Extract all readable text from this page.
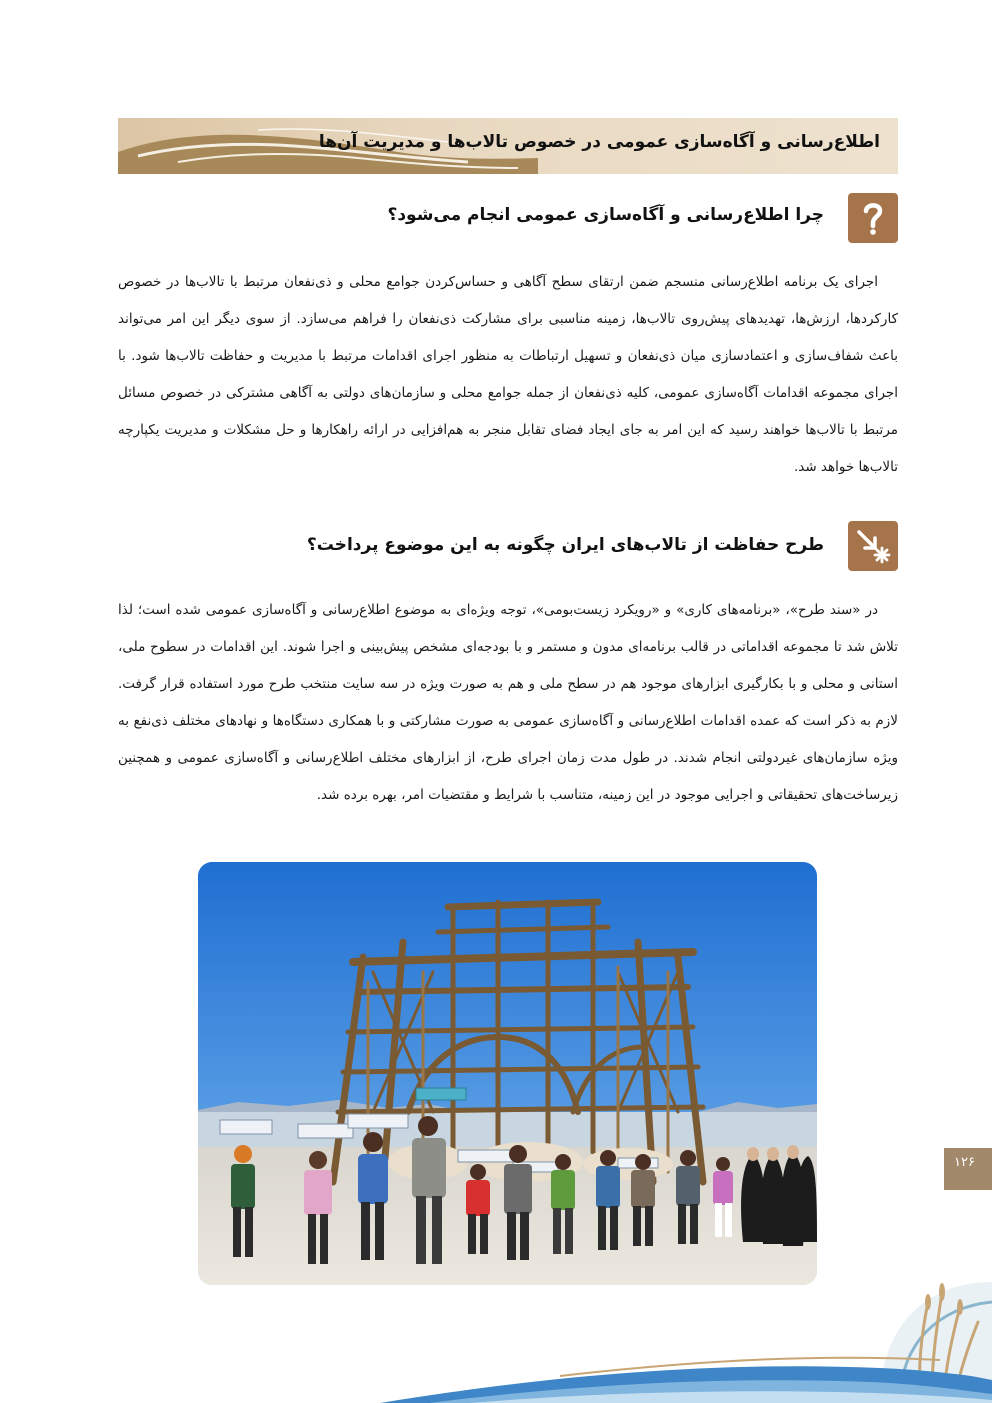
اطلاع‌رسانی و آگاه‌سازی عمومی در خصوص تالاب‌ها و مدیریت آن‌ها
چرا اطلاع‌رسانی و آگاه‌سازی عمومی انجام می‌شود؟
اجرای یک برنامه اطلاع‌رسانی منسجم ضمن ارتقای سطح آگاهی و حساس‌کردن جوامع محلی و ذی‌نفعان مرتبط با تالاب‌ها در خصوص کارکردها، ارزش‌ها، تهدیدهای پیش‌روی تالاب‌ها، زمینه مناسبی برای مشارکت ذی‌نفعان را فراهم می‌سازد. از سوی دیگر این امر می‌تواند باعث شفاف‌سازی و اعتمادسازی میان ذی‌نفعان و تسهیل ارتباطات به منظور اجرای اقدامات مرتبط با مدیریت و حفاظت تالاب‌ها شود. با اجرای مجموعه اقدامات آگاه‌سازی عمومی، کلیه ذی‌نفعان از جمله جوامع محلی و سازمان‌های دولتی به آگاهی مشترکی در خصوص مسائل مرتبط با تالاب‌ها خواهند رسید که این امر به جای ایجاد فضای تقابل منجر به هم‌افزایی در ارائه راهکارها و حل مشکلات و مدیریت یکپارچه تالاب‌ها خواهد شد.
طرح حفاظت از تالاب‌های ایران چگونه به این موضوع پرداخت؟
در «سند طرح»، «برنامه‌های کاری» و «رویکرد زیست‌بومی»، توجه ویژه‌ای به موضوع اطلاع‌رسانی و آگاه‌سازی عمومی شده است؛ لذا تلاش شد تا مجموعه اقداماتی در قالب برنامه‌ای مدون و مستمر و با بودجه‌ای مشخص پیش‌بینی و اجرا شوند. این اقدامات در سطوح ملی، استانی و محلی و با بکارگیری ابزارهای موجود هم در سطح ملی و هم به صورت ویژه در سه سایت منتخب طرح مورد استفاده قرار گرفت. لازم به ذکر است که عمده اقدامات اطلاع‌رسانی و آگاه‌سازی عمومی به صورت مشارکتی و با همکاری دستگاه‌ها و نهادهای مختلف ذی‌نفع به ویژه سازمان‌های غیردولتی انجام شدند. در طول مدت زمان اجرای طرح، از ابزارهای مختلف اطلاع‌رسانی و آگاه‌سازی عمومی و همچنین زیرساخت‌های تحقیقاتی و اجرایی موجود در این زمینه، متناسب با شرایط و مقتضیات امر، بهره برده شد.
۱۲۶
